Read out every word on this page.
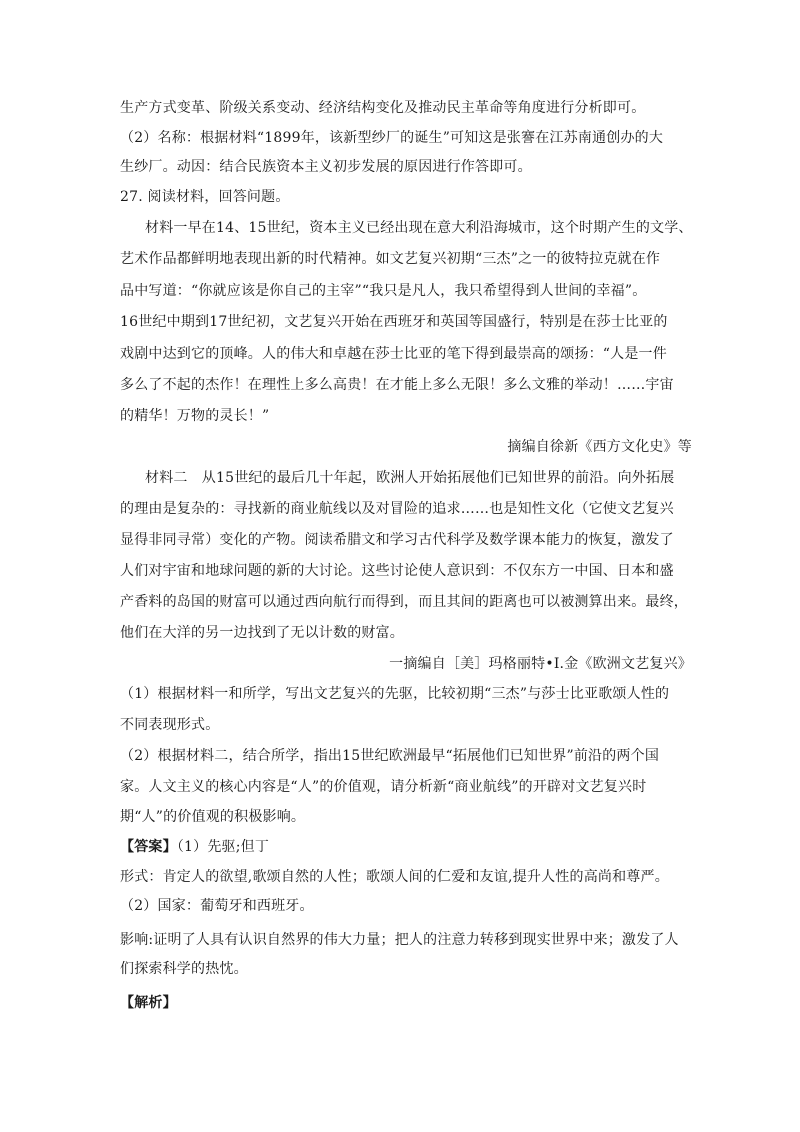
生产方式变革、阶级关系变动、经济结构变化及推动民主革命等角度进行分析即可。
（2）名称：根据材料“1899年，该新型纱厂的诞生”可知这是张謇在江苏南通创办的大
生纱厂。动因：结合民族资本主义初步发展的原因进行作答即可。
27. 阅读材料，回答问题。
材料一早在14、15世纪，资本主义已经出现在意大利沿海城市，这个时期产生的文学、
艺术作品都鲜明地表现出新的时代精神。如文艺复兴初期“三杰”之一的彼特拉克就在作
品中写道：“你就应该是你自己的主宰”“我只是凡人，我只希望得到人世间的幸福”。
16世纪中期到17世纪初，文艺复兴开始在西班牙和英国等国盛行，特别是在莎士比亚的
戏剧中达到它的顶峰。人的伟大和卓越在莎士比亚的笔下得到最崇高的颂扬：“人是一件
多么了不起的杰作！在理性上多么高贵！在才能上多么无限！多么文雅的举动！……宇宙
的精华！万物的灵长！”
摘编自徐新《西方文化史》等
材料二　从15世纪的最后几十年起，欧洲人开始拓展他们已知世界的前沿。向外拓展
的理由是复杂的：寻找新的商业航线以及对冒险的追求……也是知性文化（它使文艺复兴
显得非同寻常）变化的产物。阅读希腊文和学习古代科学及数学课本能力的恢复，激发了
人们对宇宙和地球问题的新的大讨论。这些讨论使人意识到：不仅东方一中国、日本和盛
产香料的岛国的财富可以通过西向航行而得到，而且其间的距离也可以被测算出来。最终，
他们在大洋的另一边找到了无以计数的财富。
一摘编自［美］玛格丽特•I.金《欧洲文艺复兴》
（1）根据材料一和所学，写出文艺复兴的先驱，比较初期“三杰”与莎士比亚歌颂人性的
不同表现形式。
（2）根据材料二，结合所学，指出15世纪欧洲最早“拓展他们已知世界”前沿的两个国
家。人文主义的核心内容是“人”的价值观，请分析新“商业航线”的开辟对文艺复兴时
期“人”的价值观的积极影响。
【答案】（1）先驱;但丁
形式：肯定人的欲望,歌颂自然的人性；歌颂人间的仁爱和友谊,提升人性的高尚和尊严。
（2）国家：葡萄牙和西班牙。
影响:证明了人具有认识自然界的伟大力量；把人的注意力转移到现实世界中来；激发了人
们探索科学的热忱。
【解析】
